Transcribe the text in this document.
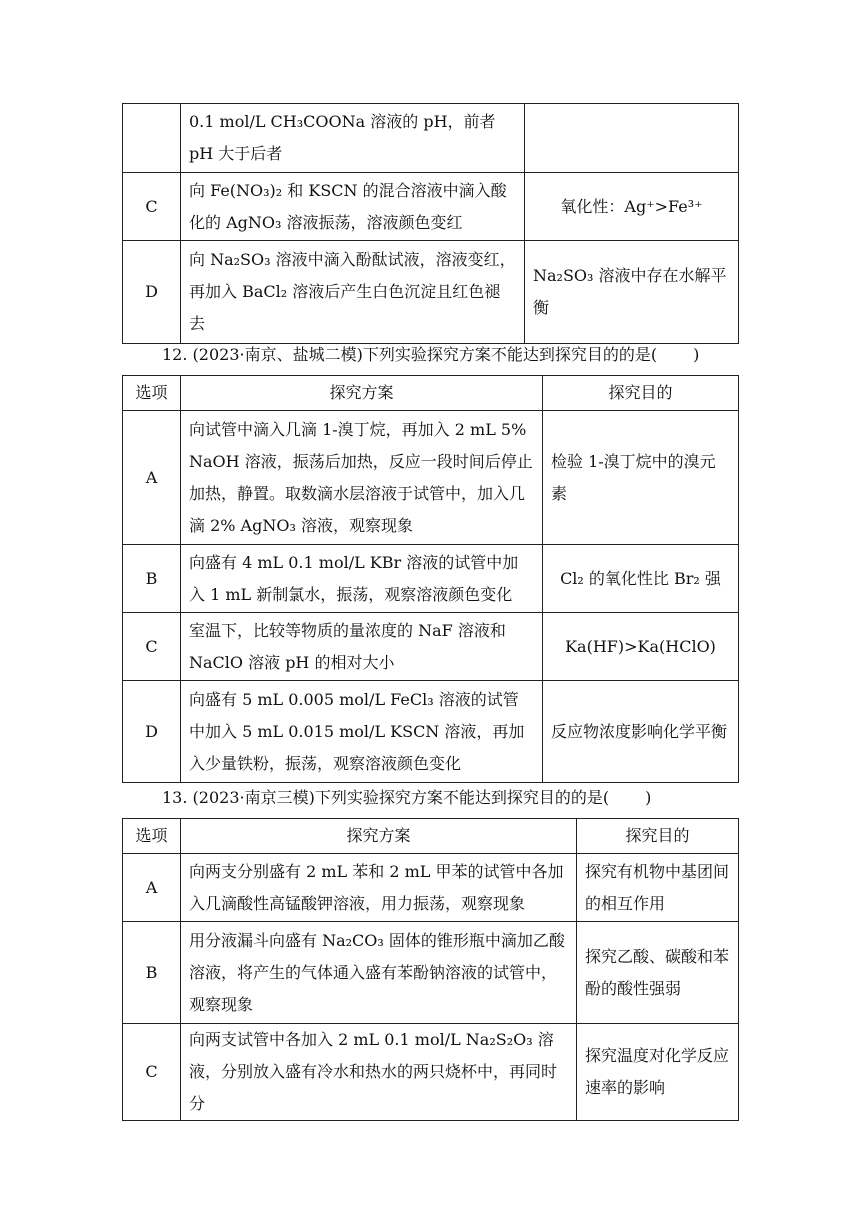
	0.1 mol/L CH₃COONa 溶液的 pH，前者 pH 大于后者	
C	向 Fe(NO₃)₂ 和 KSCN 的混合溶液中滴入酸化的 AgNO₃ 溶液振荡，溶液颜色变红	氧化性：Ag⁺>Fe³⁺
D	向 Na₂SO₃ 溶液中滴入酚酞试液，溶液变红，再加入 BaCl₂ 溶液后产生白色沉淀且红色褪去	Na₂SO₃ 溶液中存在水解平衡
12. (2023·南京、盐城二模)下列实验探究方案不能达到探究目的的是( )
选项	探究方案	探究目的
A	向试管中滴入几滴 1-溴丁烷，再加入 2 mL 5% NaOH 溶液，振荡后加热，反应一段时间后停止加热，静置。取数滴水层溶液于试管中，加入几滴 2% AgNO₃ 溶液，观察现象	检验 1-溴丁烷中的溴元素
B	向盛有 4 mL 0.1 mol/L KBr 溶液的试管中加入 1 mL 新制氯水，振荡，观察溶液颜色变化	Cl₂ 的氧化性比 Br₂ 强
C	室温下，比较等物质的量浓度的 NaF 溶液和 NaClO 溶液 pH 的相对大小	Ka(HF)>Ka(HClO)
D	向盛有 5 mL 0.005 mol/L FeCl₃ 溶液的试管中加入 5 mL 0.015 mol/L KSCN 溶液，再加入少量铁粉，振荡，观察溶液颜色变化	反应物浓度影响化学平衡
13. (2023·南京三模)下列实验探究方案不能达到探究目的的是( )
选项	探究方案	探究目的
A	向两支分别盛有 2 mL 苯和 2 mL 甲苯的试管中各加入几滴酸性高锰酸钾溶液，用力振荡，观察现象	探究有机物中基团间的相互作用
B	用分液漏斗向盛有 Na₂CO₃ 固体的锥形瓶中滴加乙酸溶液，将产生的气体通入盛有苯酚钠溶液的试管中，观察现象	探究乙酸、碳酸和苯酚的酸性强弱
C	向两支试管中各加入 2 mL 0.1 mol/L Na₂S₂O₃ 溶液，分别放入盛有冷水和热水的两只烧杯中，再同时分	探究温度对化学反应速率的影响
